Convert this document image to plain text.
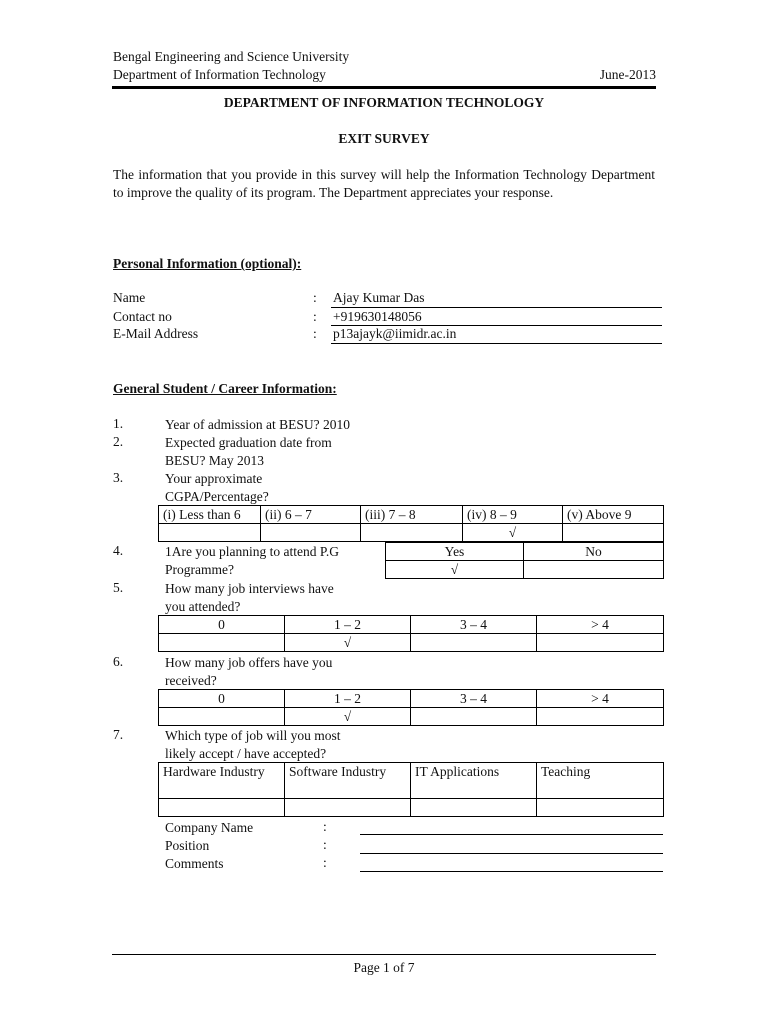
Bengal Engineering and Science University
Department of Information Technology	June-2013
DEPARTMENT OF INFORMATION TECHNOLOGY
EXIT SURVEY
The information that you provide in this survey will help the Information Technology Department to improve the quality of its program. The Department appreciates your response.
Personal Information (optional):
Name	: Ajay Kumar Das
Contact no	: +919630148056
E-Mail Address	: p13ajayk@iimidr.ac.in
General Student / Career Information:
1.	Year of admission at BESU? 2010
2.	Expected graduation date from
BESU? May 2013
3.	Your approximate
CGPA/Percentage?
(i) Less than 6	(ii) 6 – 7	(iii) 7 – 8	(iv) 8 – 9	(v) Above 9
			√	
4.	1Are you planning to attend P.G
Programme?
Yes	No
√	
5.	How many job interviews have
you attended?
0	1 – 2	3 – 4	> 4
	√		
6.	How many job offers have you
received?
0	1 – 2	3 – 4	> 4
	√		
7.	Which type of job will you most
likely accept / have accepted?
Hardware Industry	Software Industry	IT Applications	Teaching

Company Name	:
Position	:
Comments	:
Page 1 of 7
